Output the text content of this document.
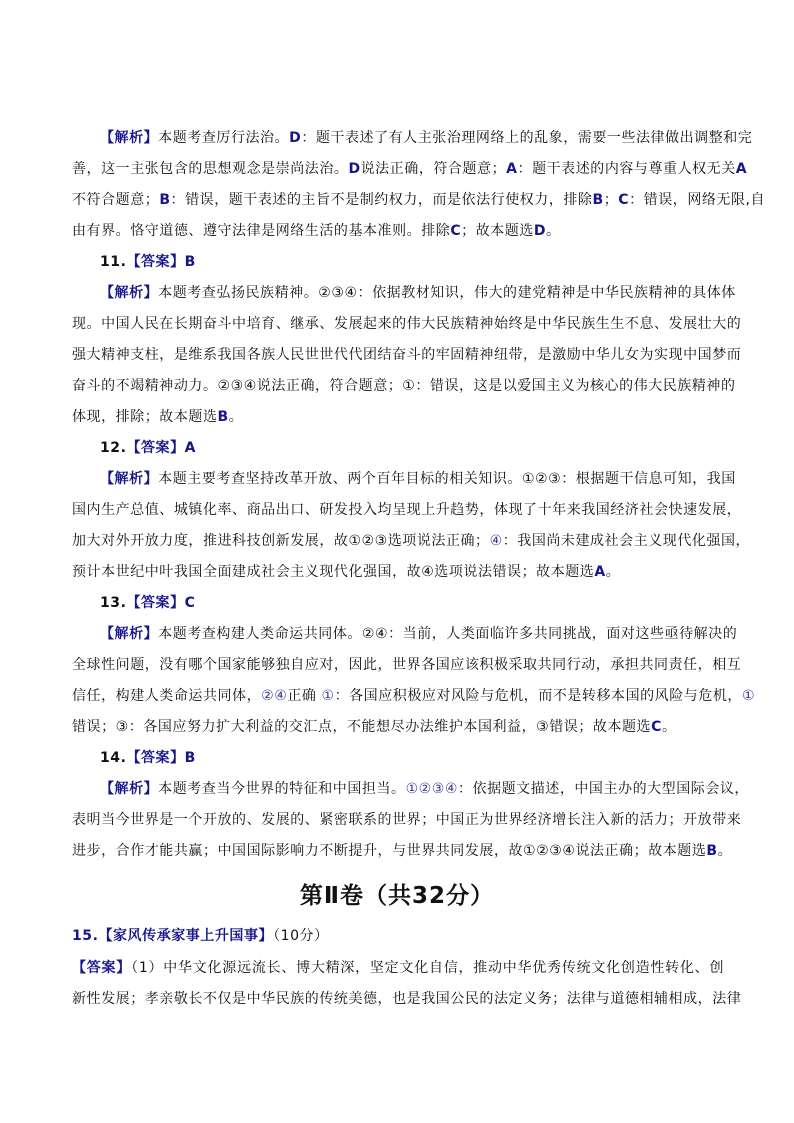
【解析】本题考查厉行法治。D：题干表述了有人主张治理网络上的乱象，需要一些法律做出调整和完
善，这一主张包含的思想观念是崇尚法治。D说法正确，符合题意；A：题干表述的内容与尊重人权无关A
不符合题意；B：错误，题干表述的主旨不是制约权力，而是依法行使权力，排除B；C：错误，网络无限,自
由有界。恪守道德、遵守法律是网络生活的基本准则。排除C；故本题选D。
11.【答案】B
【解析】本题考查弘扬民族精神。②③④：依据教材知识，伟大的建党精神是中华民族精神的具体体
现。中国人民在长期奋斗中培育、继承、发展起来的伟大民族精神始终是中华民族生生不息、发展壮大的
强大精神支柱，是维系我国各族人民世世代代团结奋斗的牢固精神纽带，是激励中华儿女为实现中国梦而
奋斗的不竭精神动力。②③④说法正确，符合题意；①：错误，这是以爱国主义为核心的伟大民族精神的
体现，排除；故本题选B。
12.【答案】A
【解析】本题主要考查坚持改革开放、两个百年目标的相关知识。①②③：根据题干信息可知，我国
国内生产总值、城镇化率、商品出口、研发投入均呈现上升趋势，体现了十年来我国经济社会快速发展，
加大对外开放力度，推进科技创新发展，故①②③选项说法正确；④：我国尚未建成社会主义现代化强国，
预计本世纪中叶我国全面建成社会主义现代化强国，故④选项说法错误；故本题选A。
13.【答案】C
【解析】本题考查构建人类命运共同体。②④：当前，人类面临许多共同挑战，面对这些亟待解决的
全球性问题，没有哪个国家能够独自应对，因此，世界各国应该积极采取共同行动，承担共同责任，相互
信任，构建人类命运共同体，②④正确 ①：各国应积极应对风险与危机，而不是转移本国的风险与危机，①
错误；③：各国应努力扩大利益的交汇点，不能想尽办法维护本国利益，③错误；故本题选C。
14.【答案】B
【解析】本题考查当今世界的特征和中国担当。①②③④：依据题文描述，中国主办的大型国际会议，
表明当今世界是一个开放的、发展的、紧密联系的世界；中国正为世界经济增长注入新的活力；开放带来
进步，合作才能共赢；中国国际影响力不断提升，与世界共同发展，故①②③④说法正确；故本题选B。
第Ⅱ卷（共32分）
15.【家风传承家事上升国事】（10分）
【答案】（1）中华文化源远流长、博大精深，坚定文化自信，推动中华优秀传统文化创造性转化、创
新性发展；孝亲敬长不仅是中华民族的传统美德，也是我国公民的法定义务；法律与道德相辅相成，法律
